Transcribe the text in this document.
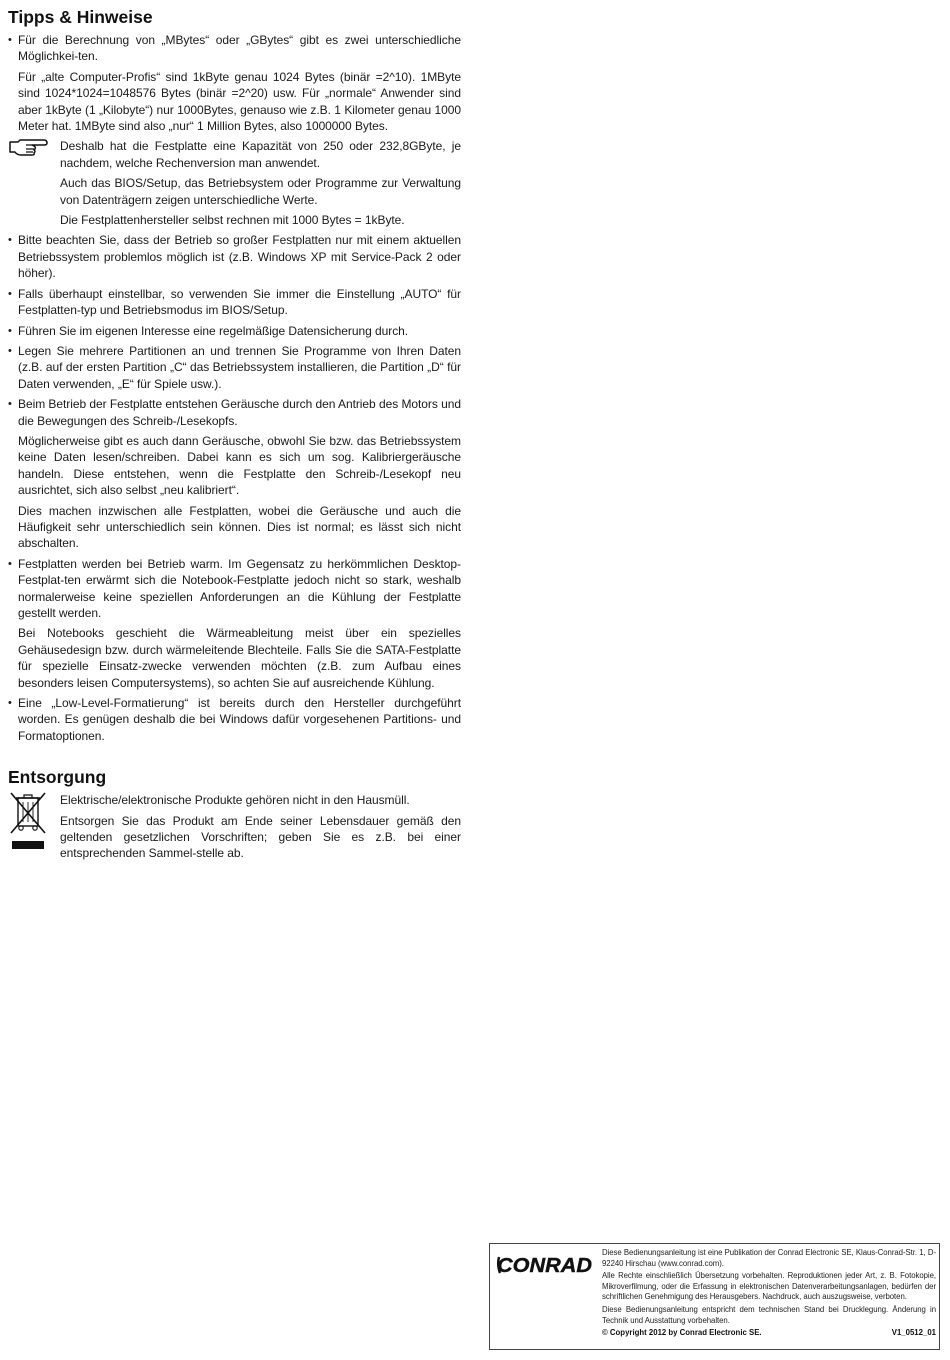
Tipps & Hinweise

• Für die Berechnung von „MBytes“ oder „GBytes“ gibt es zwei unterschiedliche Möglichkei-ten.

Für „alte Computer-Profis“ sind 1kByte genau 1024 Bytes (binär =2^10). 1MByte sind 1024*1024=1048576 Bytes (binär =2^20) usw. Für „normale“ Anwender sind aber 1kByte (1 „Kilobyte“) nur 1000Bytes, genauso wie z.B. 1 Kilometer genau 1000 Meter hat. 1MByte sind also „nur“ 1 Million Bytes, also 1000000 Bytes.

Deshalb hat die Festplatte eine Kapazität von 250 oder 232,8GByte, je nachdem, welche Rechenversion man anwendet.

Auch das BIOS/Setup, das Betriebsystem oder Programme zur Verwaltung von Datenträgern zeigen unterschiedliche Werte.

Die Festplattenhersteller selbst rechnen mit 1000 Bytes = 1kByte.

• Bitte beachten Sie, dass der Betrieb so großer Festplatten nur mit einem aktuellen Betriebssystem problemlos möglich ist (z.B. Windows XP mit Service-Pack 2 oder höher).

• Falls überhaupt einstellbar, so verwenden Sie immer die Einstellung „AUTO“ für Festplatten-typ und Betriebsmodus im BIOS/Setup.

• Führen Sie im eigenen Interesse eine regelmäßige Datensicherung durch.

• Legen Sie mehrere Partitionen an und trennen Sie Programme von Ihren Daten (z.B. auf der ersten Partition „C“ das Betriebssystem installieren, die Partition „D“ für Daten verwenden, „E“ für Spiele usw.).

• Beim Betrieb der Festplatte entstehen Geräusche durch den Antrieb des Motors und die Bewegungen des Schreib-/Lesekopfs.

Möglicherweise gibt es auch dann Geräusche, obwohl Sie bzw. das Betriebssystem keine Daten lesen/schreiben. Dabei kann es sich um sog. Kalibriergeräusche handeln. Diese entstehen, wenn die Festplatte den Schreib-/Lesekopf neu ausrichtet, sich also selbst „neu kalibriert“.

Dies machen inzwischen alle Festplatten, wobei die Geräusche und auch die Häufigkeit sehr unterschiedlich sein können. Dies ist normal; es lässt sich nicht abschalten.

• Festplatten werden bei Betrieb warm. Im Gegensatz zu herkömmlichen Desktop-Festplat-ten erwärmt sich die Notebook-Festplatte jedoch nicht so stark, weshalb normalerweise keine speziellen Anforderungen an die Kühlung der Festplatte gestellt werden.

Bei Notebooks geschieht die Wärmeableitung meist über ein spezielles Gehäusedesign bzw. durch wärmeleitende Blechteile. Falls Sie die SATA-Festplatte für spezielle Einsatz-zwecke verwenden möchten (z.B. zum Aufbau eines besonders leisen Computersystems), so achten Sie auf ausreichende Kühlung.

• Eine „Low-Level-Formatierung“ ist bereits durch den Hersteller durchgeführt worden. Es genügen deshalb die bei Windows dafür vorgesehenen Partitions- und Formatoptionen.

Entsorgung

Elektrische/elektronische Produkte gehören nicht in den Hausmüll.

Entsorgen Sie das Produkt am Ende seiner Lebensdauer gemäß den geltenden gesetzlichen Vorschriften; geben Sie es z.B. bei einer entsprechenden Sammel-stelle ab.

CONRAD

Diese Bedienungsanleitung ist eine Publikation der Conrad Electronic SE, Klaus-Conrad-Str. 1, D-92240 Hirschau (www.conrad.com).

Alle Rechte einschließlich Übersetzung vorbehalten. Reproduktionen jeder Art, z. B. Fotokopie, Mikroverfilmung, oder die Erfassung in elektronischen Datenverarbeitungsanlagen, bedürfen der schriftlichen Genehmigung des Herausgebers. Nachdruck, auch auszugsweise, verboten.

Diese Bedienungsanleitung entspricht dem technischen Stand bei Drucklegung. Änderung in Technik und Ausstattung vorbehalten.

© Copyright 2012 by Conrad Electronic SE.	V1_0512_01
